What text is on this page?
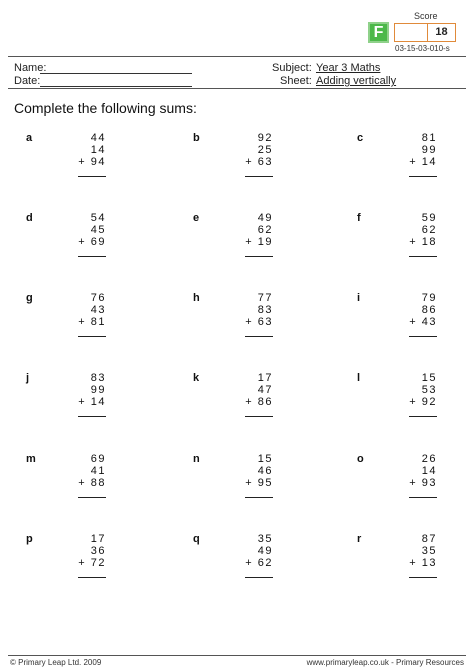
F
Score
18
03-15-03-010-s
Name:
Date:
Subject: Year 3 Maths
Sheet: Adding vertically
Complete the following sums:
a	44
14
+ 94
b	92
25
+ 63
c	81
99
+ 14
d	54
45
+ 69
e	49
62
+ 19
f	59
62
+ 18
g	76
43
+ 81
h	77
83
+ 63
i	79
86
+ 43
j	83
99
+ 14
k	17
47
+ 86
l	15
53
+ 92
m	69
41
+ 88
n	15
46
+ 95
o	26
14
+ 93
p	17
36
+ 72
q	35
49
+ 62
r	87
35
+ 13
© Primary Leap Ltd. 2009	www.primaryleap.co.uk - Primary Resources
